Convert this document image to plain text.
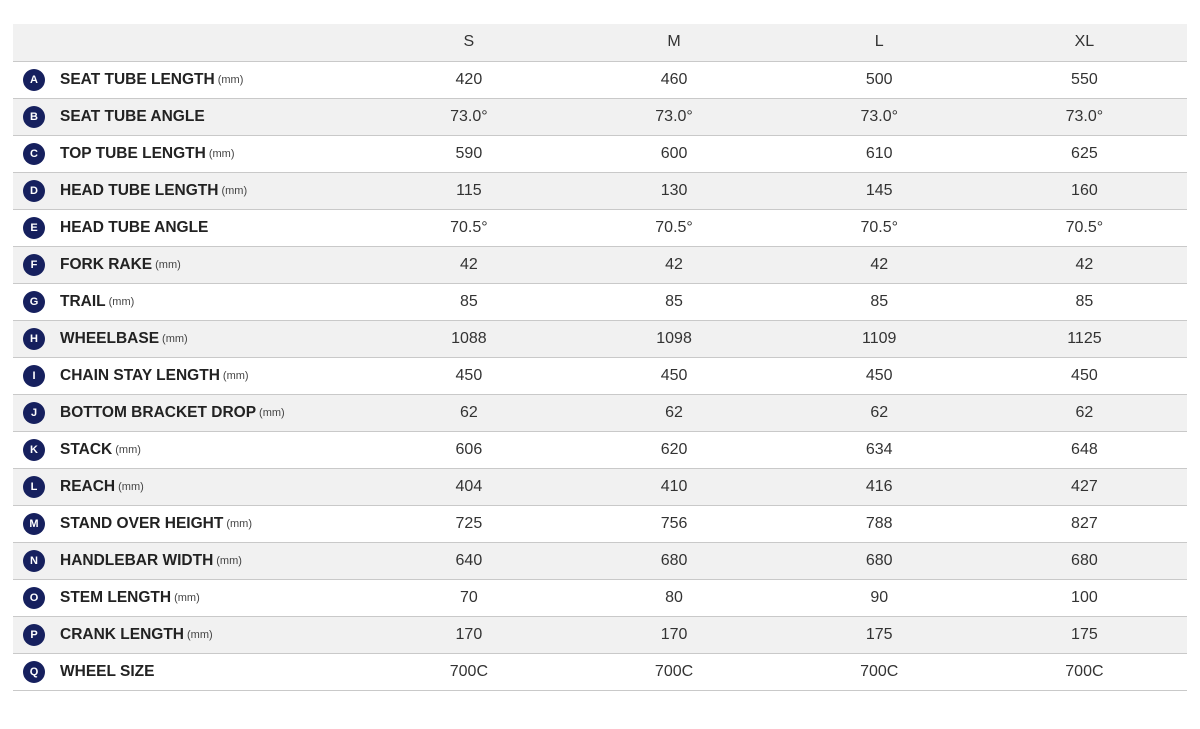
	S	M	L	XL
A SEAT TUBE LENGTH (mm)	420	460	500	550
B SEAT TUBE ANGLE	73.0°	73.0°	73.0°	73.0°
C TOP TUBE LENGTH (mm)	590	600	610	625
D HEAD TUBE LENGTH (mm)	115	130	145	160
E HEAD TUBE ANGLE	70.5°	70.5°	70.5°	70.5°
F FORK RAKE (mm)	42	42	42	42
G TRAIL (mm)	85	85	85	85
H WHEELBASE (mm)	1088	1098	1109	1125
I CHAIN STAY LENGTH (mm)	450	450	450	450
J BOTTOM BRACKET DROP (mm)	62	62	62	62
K STACK (mm)	606	620	634	648
L REACH (mm)	404	410	416	427
M STAND OVER HEIGHT (mm)	725	756	788	827
N HANDLEBAR WIDTH (mm)	640	680	680	680
O STEM LENGTH (mm)	70	80	90	100
P CRANK LENGTH (mm)	170	170	175	175
Q WHEEL SIZE	700C	700C	700C	700C
